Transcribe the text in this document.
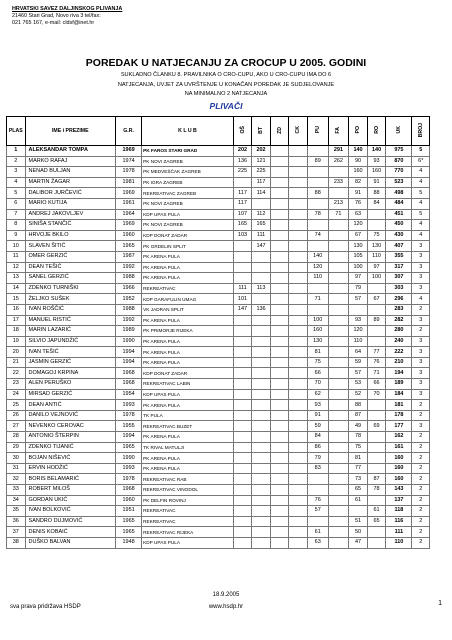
HRVATSKI SAVEZ DALJINSKOG PLIVANJA
21460 Stari Grad, Novo riva 3 tel/fax:
021 765 167, e-mail: cldsf@inet.hr
POREDAK U NATJECANJU ZA CROCUP U 2005. GODINI
SUKLADNO ČLANKU 8. PRAVILNIKA O CRO-CUPU, AKO U CRO-CUPU IMA DO 6
NATJECANJA, UVJET ZA UVRŠTENJE U KONAČAN POREDAK JE SUDJELOVANJE
NA MINIMALNO 2 NATJECANJA
PLIVAČI
PLAS	IME i PREZIME	G.R.	K L U B	OŠ	BT	ZD	CK	PU	FA	PO	RO	UK	BROJ
1	ALEKSANDAR TOMPA	1969	PK FAROS STARI GRAD	202	202				291	140	140	975	5
2	MARKO RAFAJ	1974	PK NOVI ZAGREB	136	121			89	262	90	93	870	6*
3	NENAD BULJAN	1978	PK MEDVEŠČAK ZAGREB	225	225					160	160	770	4
4	MARTIN ŽAGAR	1981	PK IGRA ZAGREB		117				233	82	91	523	4
5	DALIBOR JURČEVIĆ	1969	REKREATIVAC ZAGREB	117	114			88		91	88	498	5
6	MARIO KUTIJA	1961	PK NOVI ZAGREB	117					213	76	84	484	4
7	ANDREJ JAKOVLJEV	1964	KDP UPAS PULA	107	112			78	71	63		451	5
8	SINIŠA STANČIĆ	1969	PK NOVI ZAGREB	165	165					120		450	4
9	HRVOJE BKILO	1960	KDP DONAT ZADAR	103	111			74		67	75	430	4
10	SLAVEN ŠITIĆ	1965	PK GRDELIN SPLIT		147					130	130	407	3
11	OMER GERZIĆ	1987	PK ARENA PULA					140		105	110	355	3
12	DEAN TEŠIĆ	1992	PK ARENA PULA					120		100	97	317	3
13	SANEL GERZIĆ	1988	PK ARENA PULA					110		97	100	307	3
14	ZDENKO TURNIŠKI	1966	REKREATIVAC	111	113					79		303	3
15	ŽELJKO SUŠEK	1952	KDP GARAFULIN UMAG	101				71		57	67	296	4
16	IVAN ROŠČIĆ	1988	VK JADRAN SPLIT	147	136							283	2
17	MANUEL RISTIĆ	1992	PK ARENA PULA					100		93	89	282	3
18	MARIN LAZARIĆ	1989	PK PRIMORJE RIJEKA					160		120		280	2
19	SILVIO JAPUNDŽIĆ	1990	PK ARENA PULA					130		110		240	3
20	IVAN TEŠIĆ	1994	PK ARENA PULA					81		64	77	222	3
21	JASMIN GERZIĆ	1994	PK ARENA PULA					75		59	76	210	3
22	DOMAGOJ KRPINA	1968	KDP DONAT ZADAR					66		57	71	194	3
23	ALEN PERUŠKO	1968	REKREATIVAC LABIN					70		53	66	189	3
24	MIRSAD GERZIĆ	1954	KDP UPAS PULA					62		52	70	184	3
25	DEAN ANTIĆ	1993	PK ARENA PULA					93		88		181	2
26	DANILO VEJNOVIĆ	1978	TK PULA					91		87		178	2
27	NEVENKO CEROVAC	1955	REKREATIVAC BUZET					59		49	69	177	3
28	ANTONIO ŠTERPIN	1994	PK ARENA PULA					84		78		162	2
29	ZDENKO TIJANIĆ	1965	TK RIVAL MATULJI					86		75		161	2
30	BOJAN NIŠEVIĆ	1990	PK ARENA PULA					79		81		160	2
31	ERVIN HODŽIĆ	1993	PK ARENA PULA					83		77		160	2
32	BORIS BELAMARIĆ	1978	REKREATIVAC RAB							73	87	160	2
33	ROBERT MILOŠ	1968	REKREATIVAC VINODOL							65	78	143	2
34	GORDAN UKIĆ	1960	PK DELFIN ROVINJ					76		61		137	2
35	IVAN BOLKOVIĆ	1951	REKREATIVAC					57			61	118	2
36	SANDRO DUJMOVIĆ	1965	REKREATIVAC							51	65	116	2
37	DENIS KOBAIĆ	1965	REKREATIVAC RIJEKA					61		50		111	2
38	DUŠKO BALVAN	1948	KDP UPAS PULA					63		47		110	2
18.9.2005
sva prava pridržava HSDP	www.hsdp.hr	1
